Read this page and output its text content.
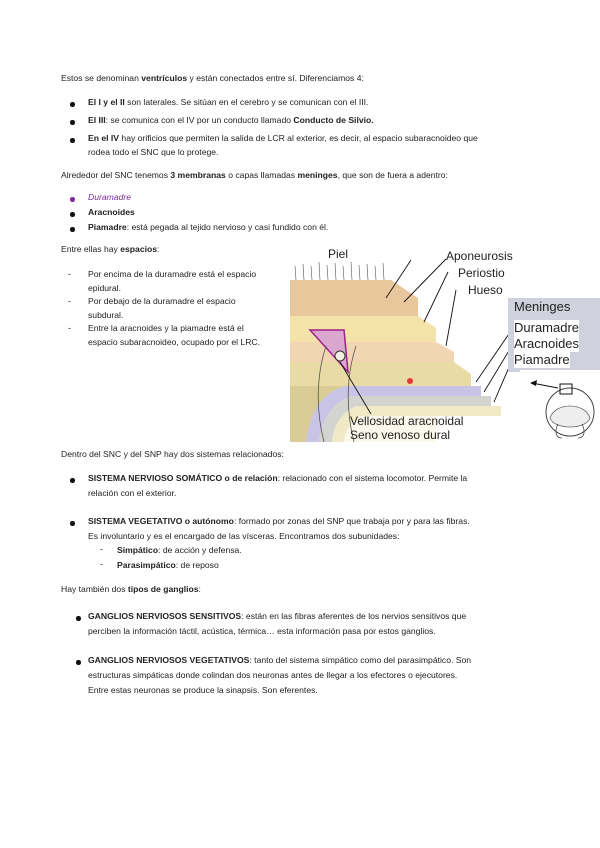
Estos se denominan ventrículos y están conectados entre sí. Diferenciamos 4:
El I y el II son laterales. Se sitúan en el cerebro y se comunican con el III.
El III: se comunica con el IV por un conducto llamado Conducto de Silvio.
En el IV hay orificios que permiten la salida de LCR al exterior, es decir, al espacio subaracnoideo que
rodea todo el SNC que lo protege.
Alrededor del SNC tenemos 3 membranas o capas llamadas meninges, que son de fuera a adentro:
Duramadre
Aracnoides
Piamadre: está pegada al tejido nervioso y casi fundido con él.
Entre ellas hay espacios:
- Por encima de la duramadre está el espacio
epidural.
- Por debajo de la duramadre el espacio
subdural.
- Entre la aracnoides y la piamadre está el
espacio subaracnoideo, ocupado por el LRC.
Piel	Aponeurosis
Periostio
Hueso
Vellosidad aracnoidal
Seno venoso dural
Meninges
Duramadre
Aracnoides
Piamadre
Dentro del SNC y del SNP hay dos sistemas relacionados:
SISTEMA NERVIOSO SOMÁTICO o de relación: relacionado con el sistema locomotor. Permite la
relación con el exterior.
SISTEMA VEGETATIVO o autónomo: formado por zonas del SNP que trabaja por y para las fibras.
Es involuntario y es el encargado de las vísceras. Encontramos dos subunidades:
- Simpático: de acción y defensa.
- Parasimpático: de reposo
Hay también dos tipos de ganglios:
GANGLIOS NERVIOSOS SENSITIVOS: están en las fibras aferentes de los nervios sensitivos que
perciben la información táctil, acústica, térmica… esta información pasa por estos ganglios.
GANGLIOS NERVIOSOS VEGETATIVOS: tanto del sistema simpático como del parasimpático. Son
estructuras simpáticas donde colindan dos neuronas antes de llegar a los efectores o ejecutores.
Entre estas neuronas se produce la sinapsis. Son eferentes.
